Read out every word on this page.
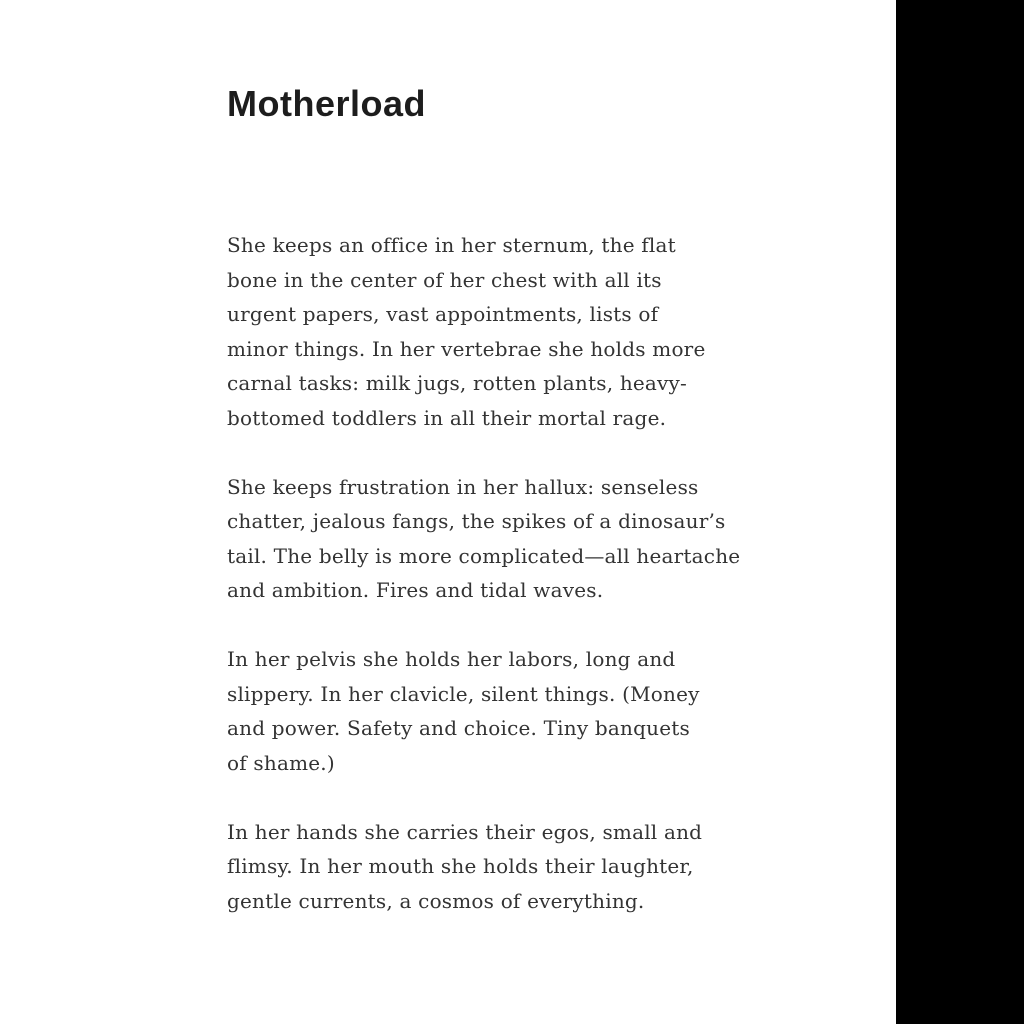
Motherload
She keeps an office in her sternum, the flat
bone in the center of her chest with all its
urgent papers, vast appointments, lists of
minor things. In her vertebrae she holds more
carnal tasks: milk jugs, rotten plants, heavy-
bottomed toddlers in all their mortal rage.
She keeps frustration in her hallux: senseless
chatter, jealous fangs, the spikes of a dinosaur’s
tail. The belly is more complicated—all heartache
and ambition. Fires and tidal waves.
In her pelvis she holds her labors, long and
slippery. In her clavicle, silent things. (Money
and power. Safety and choice. Tiny banquets
of shame.)
In her hands she carries their egos, small and
flimsy. In her mouth she holds their laughter,
gentle currents, a cosmos of everything.
